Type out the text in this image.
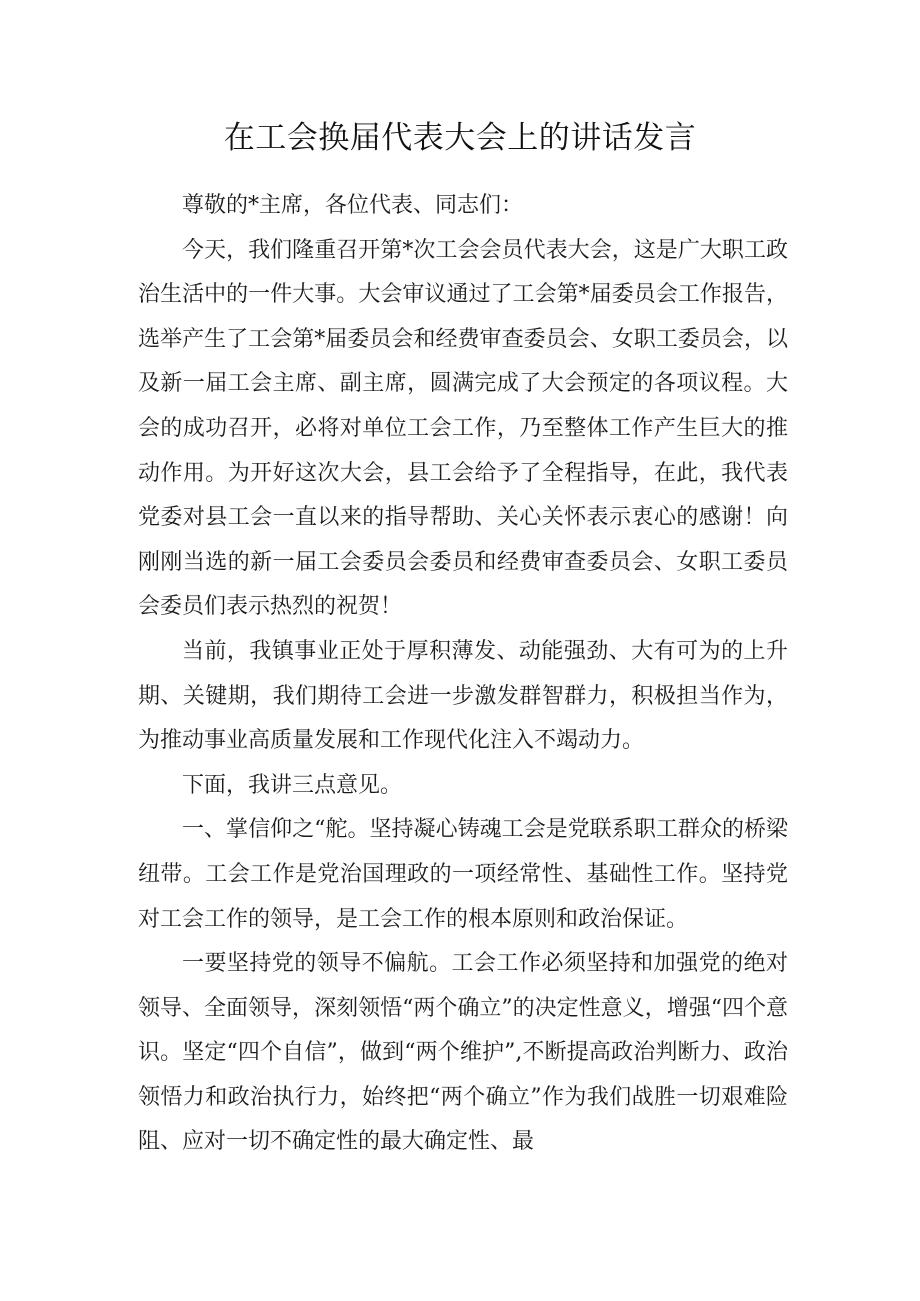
在工会换届代表大会上的讲话发言

尊敬的*主席，各位代表、同志们：

今天，我们隆重召开第*次工会会员代表大会，这是广大职工政治生活中的一件大事。大会审议通过了工会第*届委员会工作报告，选举产生了工会第*届委员会和经费审查委员会、女职工委员会，以及新一届工会主席、副主席，圆满完成了大会预定的各项议程。大会的成功召开，必将对单位工会工作，乃至整体工作产生巨大的推动作用。为开好这次大会，县工会给予了全程指导，在此，我代表党委对县工会一直以来的指导帮助、关心关怀表示衷心的感谢！向刚刚当选的新一届工会委员会委员和经费审查委员会、女职工委员会委员们表示热烈的祝贺！

当前，我镇事业正处于厚积薄发、动能强劲、大有可为的上升期、关键期，我们期待工会进一步激发群智群力，积极担当作为，为推动事业高质量发展和工作现代化注入不竭动力。

下面，我讲三点意见。

一、掌信仰之“舵。坚持凝心铸魂工会是党联系职工群众的桥梁纽带。工会工作是党治国理政的一项经常性、基础性工作。坚持党对工会工作的领导，是工会工作的根本原则和政治保证。

一要坚持党的领导不偏航。工会工作必须坚持和加强党的绝对领导、全面领导，深刻领悟“两个确立”的决定性意义，增强“四个意识。坚定“四个自信”，做到“两个维护”,不断提高政治判断力、政治领悟力和政治执行力，始终把“两个确立”作为我们战胜一切艰难险阻、应对一切不确定性的最大确定性、最
